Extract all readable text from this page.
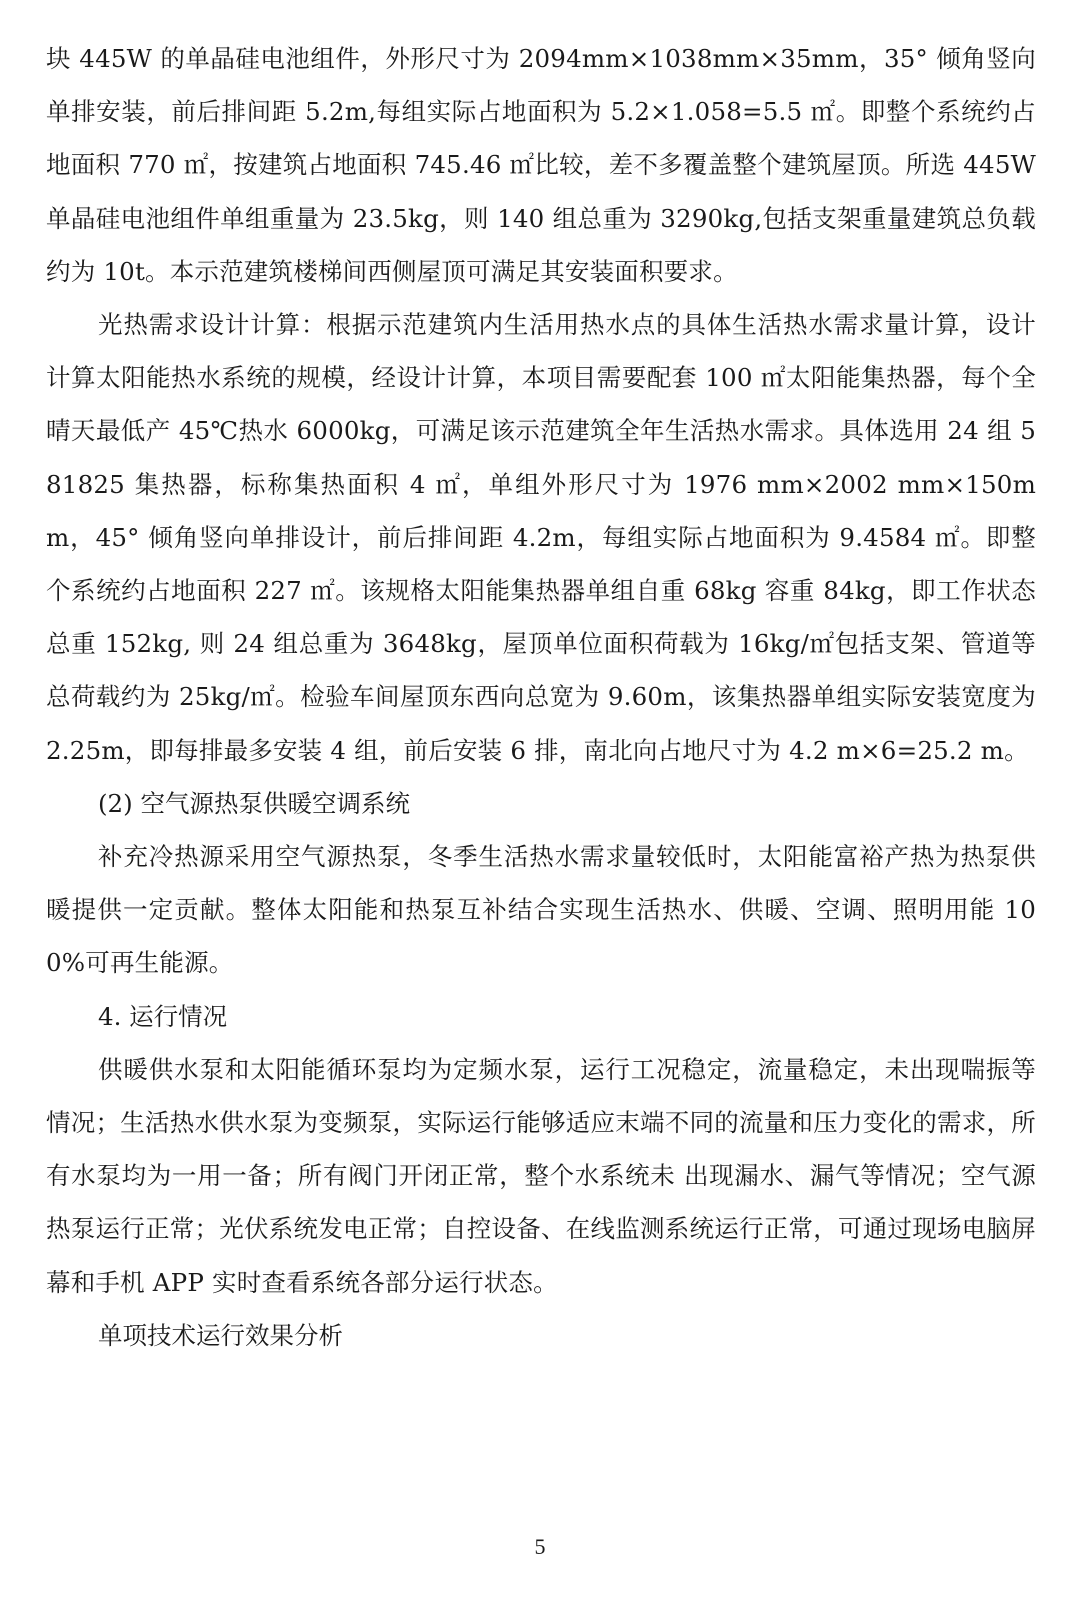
块 445W 的单晶硅电池组件，外形尺寸为 2094mm×1038mm×35mm，35° 倾角竖向单排安装，前后排间距 5.2m,每组实际占地面积为 5.2×1.058=5.5 ㎡。即整个系统约占地面积 770 ㎡，按建筑占地面积 745.46 ㎡比较，差不多覆盖整个建筑屋顶。所选 445W 单晶硅电池组件单组重量为 23.5kg，则 140 组总重为 3290kg,包括支架重量建筑总负载约为 10t。本示范建筑楼梯间西侧屋顶可满足其安装面积要求。

光热需求设计计算：根据示范建筑内生活用热水点的具体生活热水需求量计算，设计计算太阳能热水系统的规模，经设计计算，本项目需要配套 100 ㎡太阳能集热器，每个全晴天最低产 45℃热水 6000kg，可满足该示范建筑全年生活热水需求。具体选用 24 组 581825 集热器，标称集热面积 4 ㎡，单组外形尺寸为 1976 mm×2002 mm×150mm，45° 倾角竖向单排设计，前后排间距 4.2m，每组实际占地面积为 9.4584 ㎡。即整个系统约占地面积 227 ㎡。该规格太阳能集热器单组自重 68kg 容重 84kg，即工作状态总重 152kg, 则 24 组总重为 3648kg，屋顶单位面积荷载为 16kg/㎡包括支架、管道等总荷载约为 25kg/㎡。检验车间屋顶东西向总宽为 9.60m，该集热器单组实际安装宽度为 2.25m，即每排最多安装 4 组，前后安装 6 排，南北向占地尺寸为 4.2 m×6=25.2 m。

(2) 空气源热泵供暖空调系统

补充冷热源采用空气源热泵，冬季生活热水需求量较低时，太阳能富裕产热为热泵供暖提供一定贡献。整体太阳能和热泵互补结合实现生活热水、供暖、空调、照明用能 100%可再生能源。

4. 运行情况

供暖供水泵和太阳能循环泵均为定频水泵，运行工况稳定，流量稳定，未出现喘振等情况；生活热水供水泵为变频泵，实际运行能够适应末端不同的流量和压力变化的需求，所有水泵均为一用一备；所有阀门开闭正常，整个水系统未 出现漏水、漏气等情况；空气源热泵运行正常；光伏系统发电正常；自控设备、在线监测系统运行正常，可通过现场电脑屏幕和手机 APP 实时查看系统各部分运行状态。

单项技术运行效果分析

5
